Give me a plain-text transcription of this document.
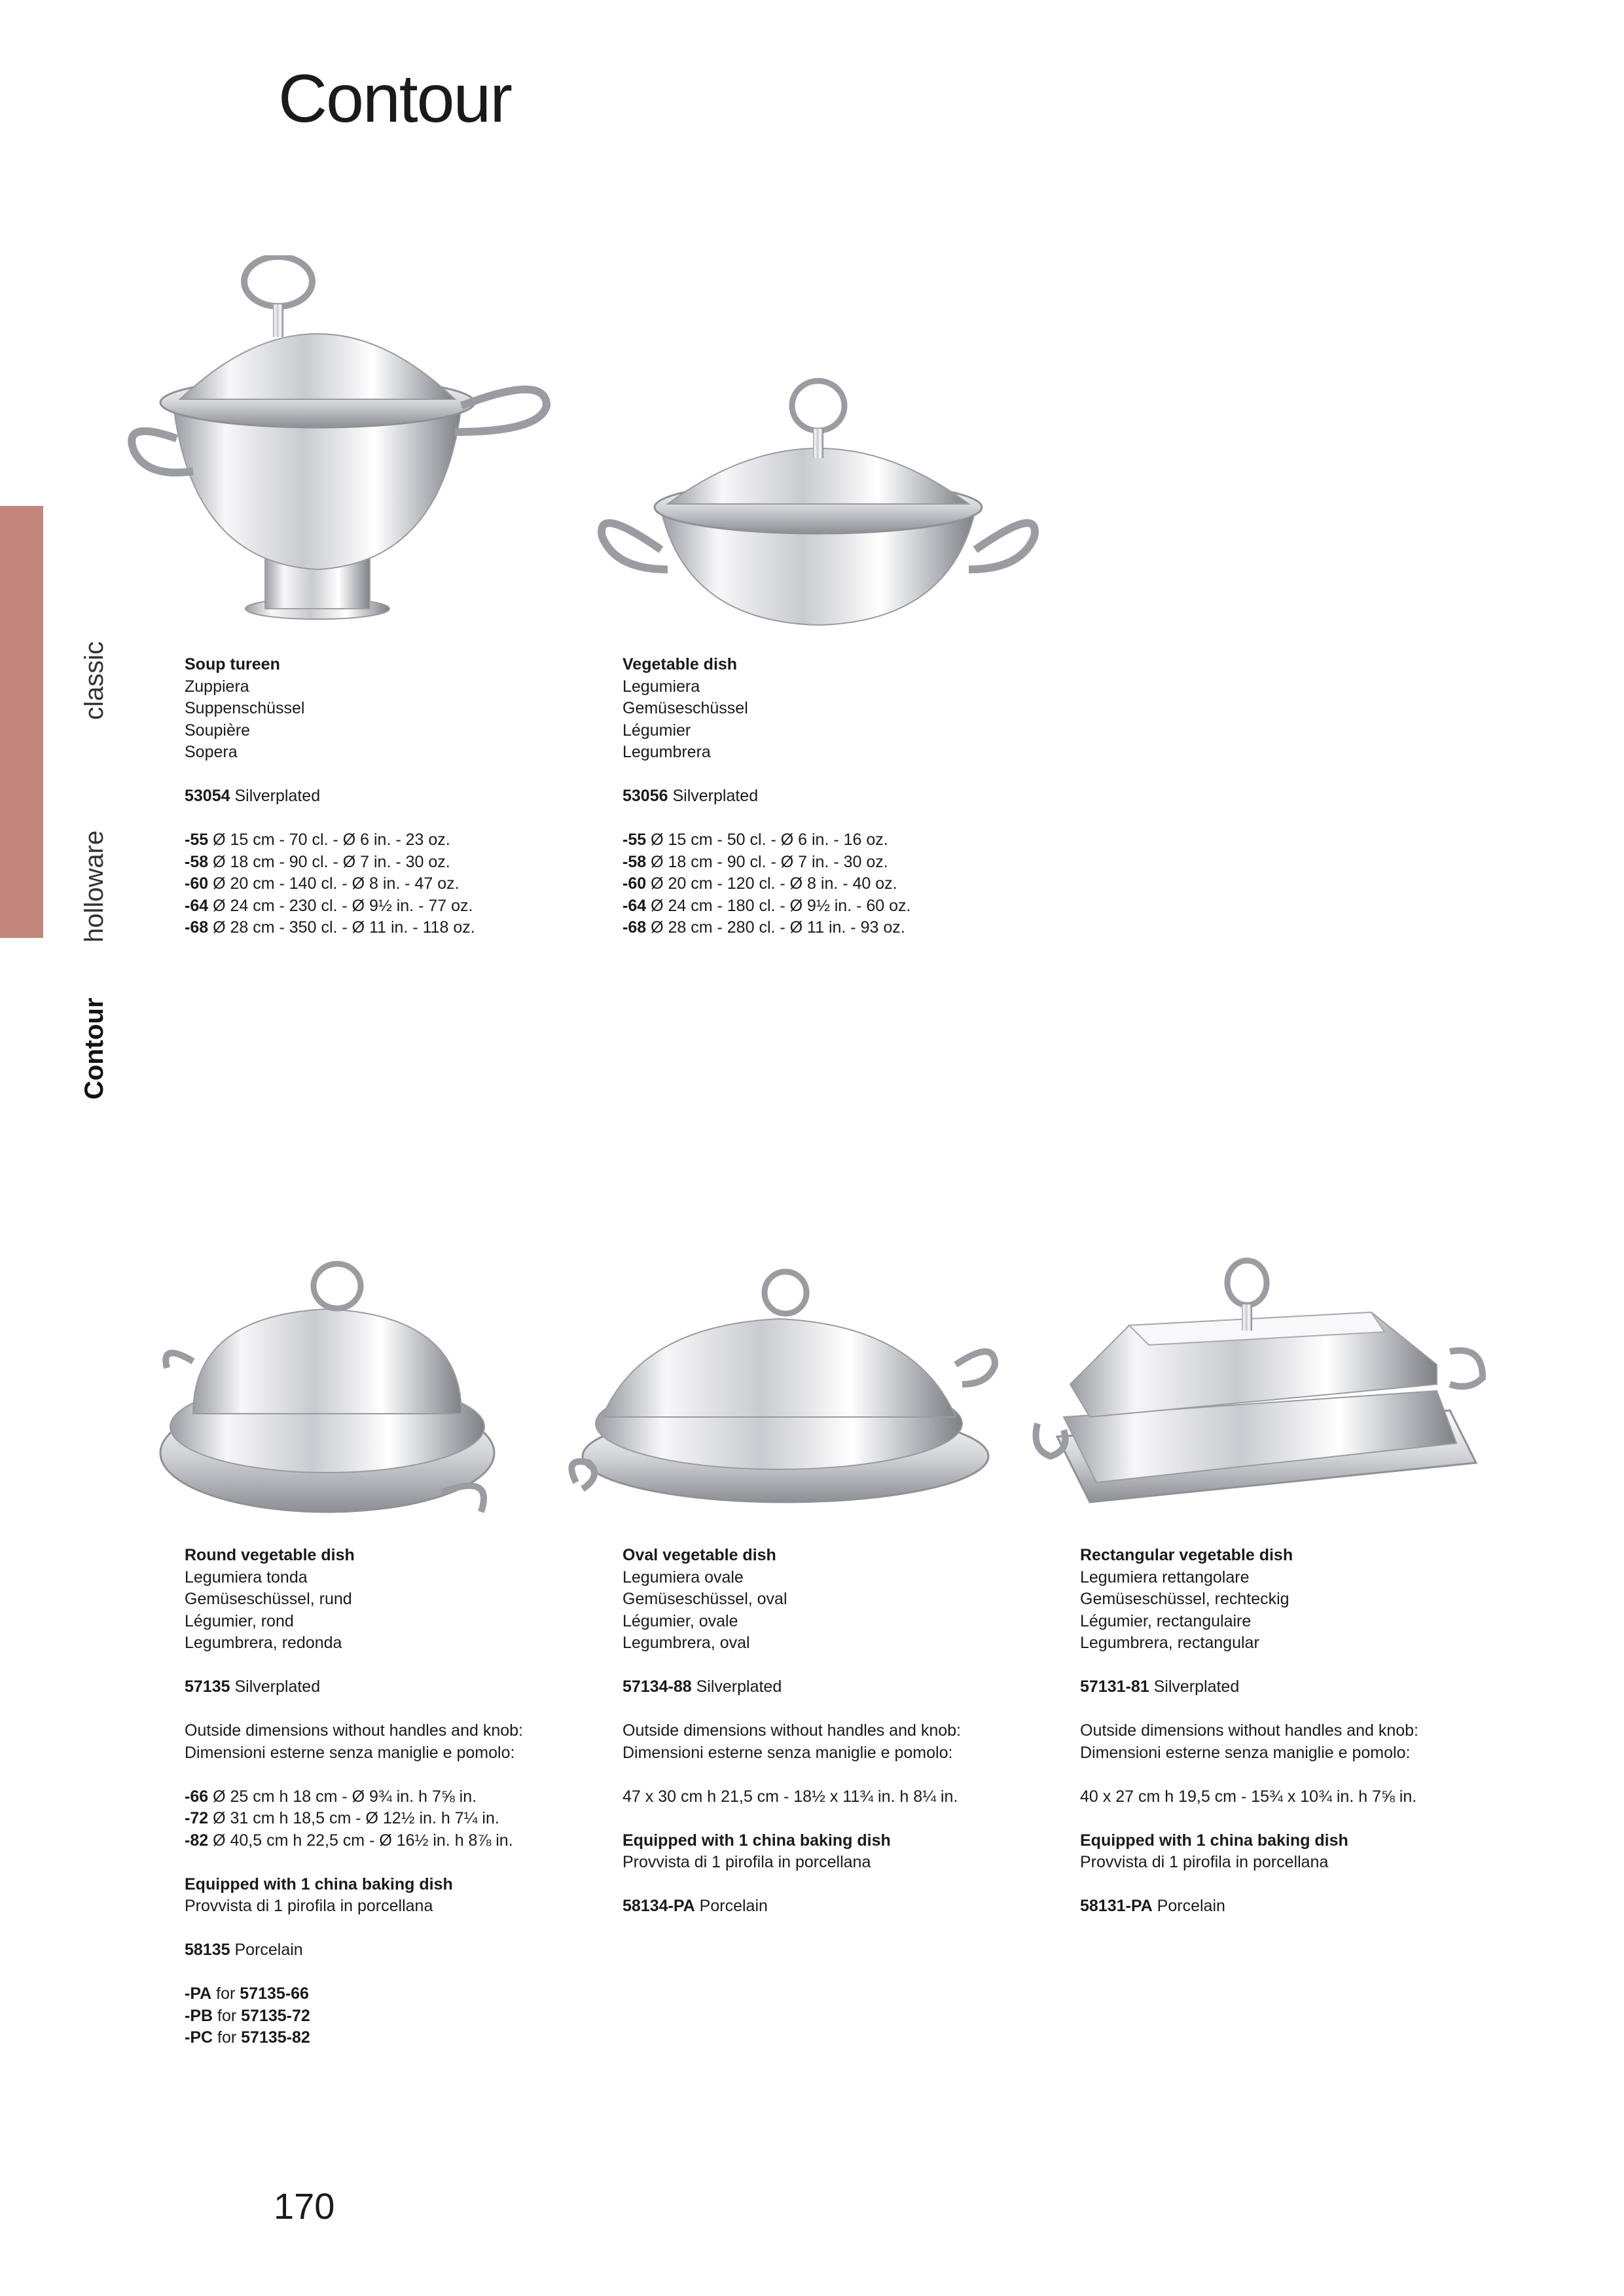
Contour
classic
holloware
Contour
Soup tureen
Zuppiera
Suppenschüssel
Soupière
Sopera
53054 Silverplated
-55 Ø 15 cm - 70 cl. - Ø 6 in. - 23 oz.
-58 Ø 18 cm - 90 cl. - Ø 7 in. - 30 oz.
-60 Ø 20 cm - 140 cl. - Ø 8 in. - 47 oz.
-64 Ø 24 cm - 230 cl. - Ø 9½ in. - 77 oz.
-68 Ø 28 cm - 350 cl. - Ø 11 in. - 118 oz.
Vegetable dish
Legumiera
Gemüseschüssel
Légumier
Legumbrera
53056 Silverplated
-55 Ø 15 cm - 50 cl. - Ø 6 in. - 16 oz.
-58 Ø 18 cm - 90 cl. - Ø 7 in. - 30 oz.
-60 Ø 20 cm - 120 cl. - Ø 8 in. - 40 oz.
-64 Ø 24 cm - 180 cl. - Ø 9½ in. - 60 oz.
-68 Ø 28 cm - 280 cl. - Ø 11 in. - 93 oz.
Round vegetable dish
Legumiera tonda
Gemüseschüssel, rund
Légumier, rond
Legumbrera, redonda
57135 Silverplated
Outside dimensions without handles and knob:
Dimensioni esterne senza maniglie e pomolo:
-66 Ø 25 cm h 18 cm - Ø 9¾ in. h 7⅝ in.
-72 Ø 31 cm h 18,5 cm - Ø 12½ in. h 7¼ in.
-82 Ø 40,5 cm h 22,5 cm - Ø 16½ in. h 8⅞ in.
Equipped with 1 china baking dish
Provvista di 1 pirofila in porcellana
58135 Porcelain
-PA for 57135-66
-PB for 57135-72
-PC for 57135-82
Oval vegetable dish
Legumiera ovale
Gemüseschüssel, oval
Légumier, ovale
Legumbrera, oval
57134-88 Silverplated
Outside dimensions without handles and knob:
Dimensioni esterne senza maniglie e pomolo:
47 x 30 cm h 21,5 cm - 18½ x 11¾ in. h 8¼ in.
Equipped with 1 china baking dish
Provvista di 1 pirofila in porcellana
58134-PA Porcelain
Rectangular vegetable dish
Legumiera rettangolare
Gemüseschüssel, rechteckig
Légumier, rectangulaire
Legumbrera, rectangular
57131-81 Silverplated
Outside dimensions without handles and knob:
Dimensioni esterne senza maniglie e pomolo:
40 x 27 cm h 19,5 cm - 15¾ x 10¾ in. h 7⅝ in.
Equipped with 1 china baking dish
Provvista di 1 pirofila in porcellana
58131-PA Porcelain
170
